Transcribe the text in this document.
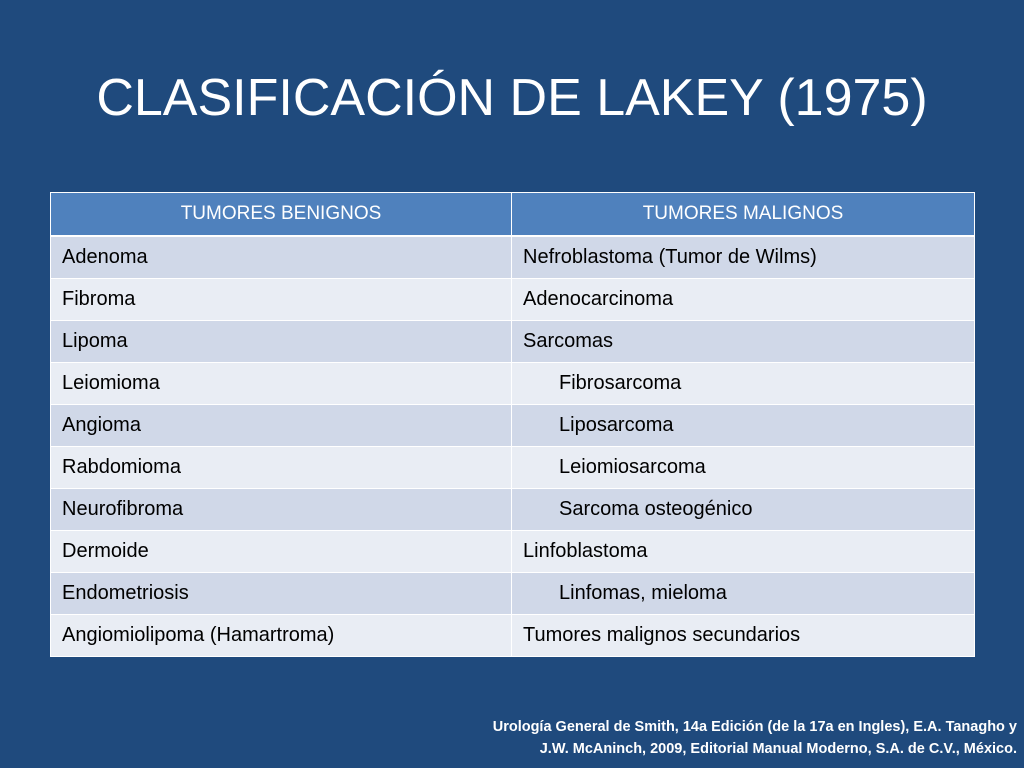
CLASIFICACIÓN DE LAKEY (1975)
TUMORES BENIGNOS	TUMORES MALIGNOS
Adenoma	Nefroblastoma (Tumor de Wilms)
Fibroma	Adenocarcinoma
Lipoma	Sarcomas
Leiomioma	Fibrosarcoma
Angioma	Liposarcoma
Rabdomioma	Leiomiosarcoma
Neurofibroma	Sarcoma osteogénico
Dermoide	Linfoblastoma
Endometriosis	Linfomas, mieloma
Angiomiolipoma (Hamartroma)	Tumores malignos secundarios
Urología General de Smith, 14a Edición (de la 17a en Ingles), E.A. Tanagho y
J.W. McAninch, 2009, Editorial Manual Moderno, S.A. de C.V., México.
